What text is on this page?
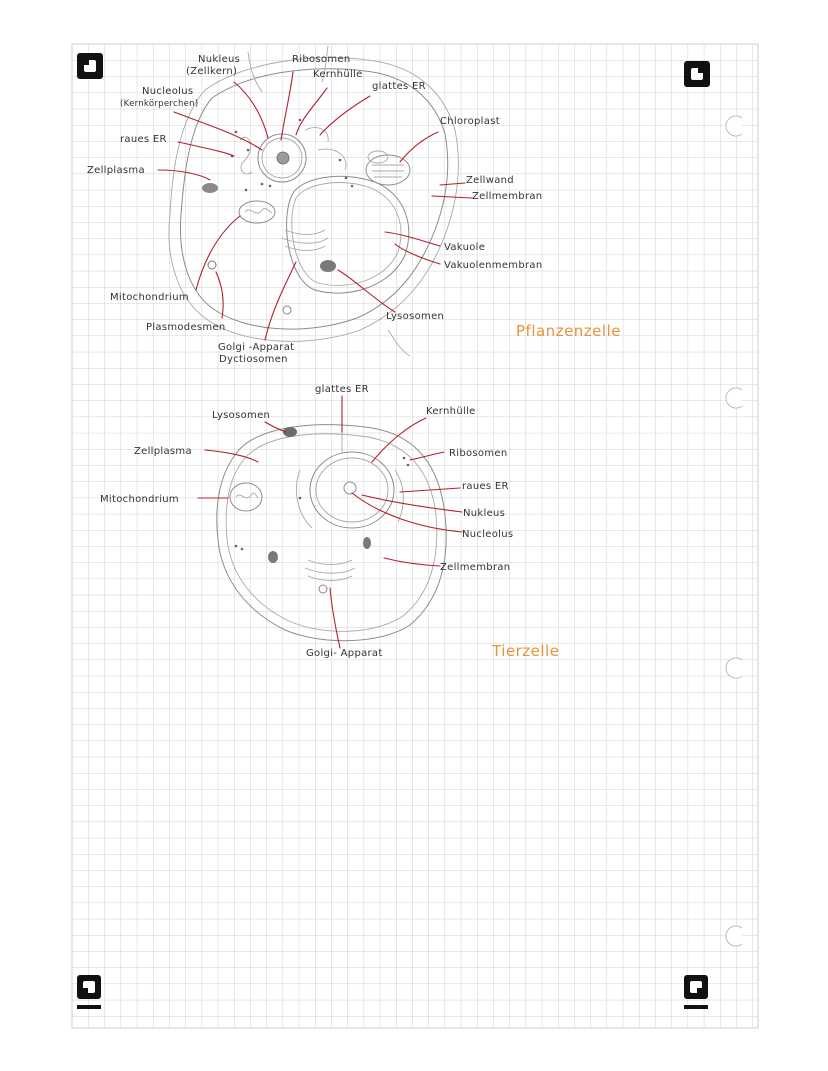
Nukleus
(Zellkern)
Ribosomen
Kernhülle
glattes ER
Nucleolus
(Kernkörperchen)
raues ER
Zellplasma
Chloroplast
Zellwand
Zellmembran
Vakuole
Vakuolenmembran
Mitochondrium
Plasmodesmen
Golgi -Apparat
Dyctiosomen
Lysosomen
Pflanzenzelle
glattes ER
Lysosomen	Kernhülle
Zellplasma	Ribosomen
raues ER
Mitochondrium
Nukleus
Nucleolus
Zellmembran
Golgi- Apparat	Tierzelle
